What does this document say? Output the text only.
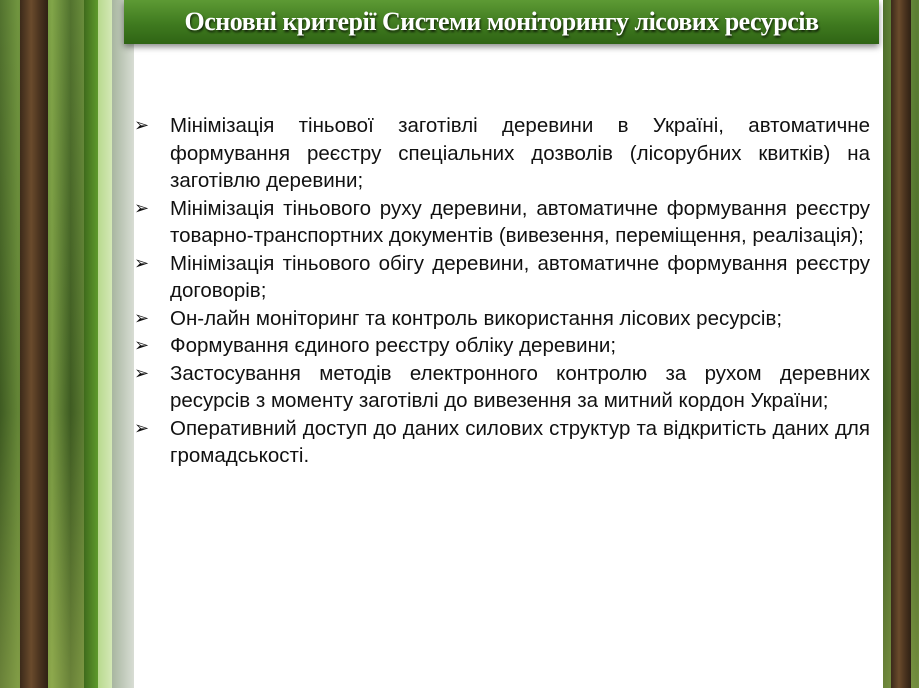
Основні критерії Системи моніторингу лісових ресурсів
➢ Мінімізація тіньової заготівлі деревини в Україні, автоматичне формування реєстру спеціальних дозволів (лісорубних квитків) на заготівлю деревини;
➢ Мінімізація тіньового руху деревини, автоматичне формування реєстру товарно-транспортних документів (вивезення, переміщення, реалізація);
➢ Мінімізація тіньового обігу деревини, автоматичне формування реєстру договорів;
➢ Он-лайн моніторинг та контроль використання лісових ресурсів;
➢ Формування єдиного реєстру обліку деревини;
➢ Застосування методів електронного контролю за рухом деревних ресурсів з моменту заготівлі до вивезення за митний кордон України;
➢ Оперативний доступ до даних силових структур та відкритість даних для громадськості.
